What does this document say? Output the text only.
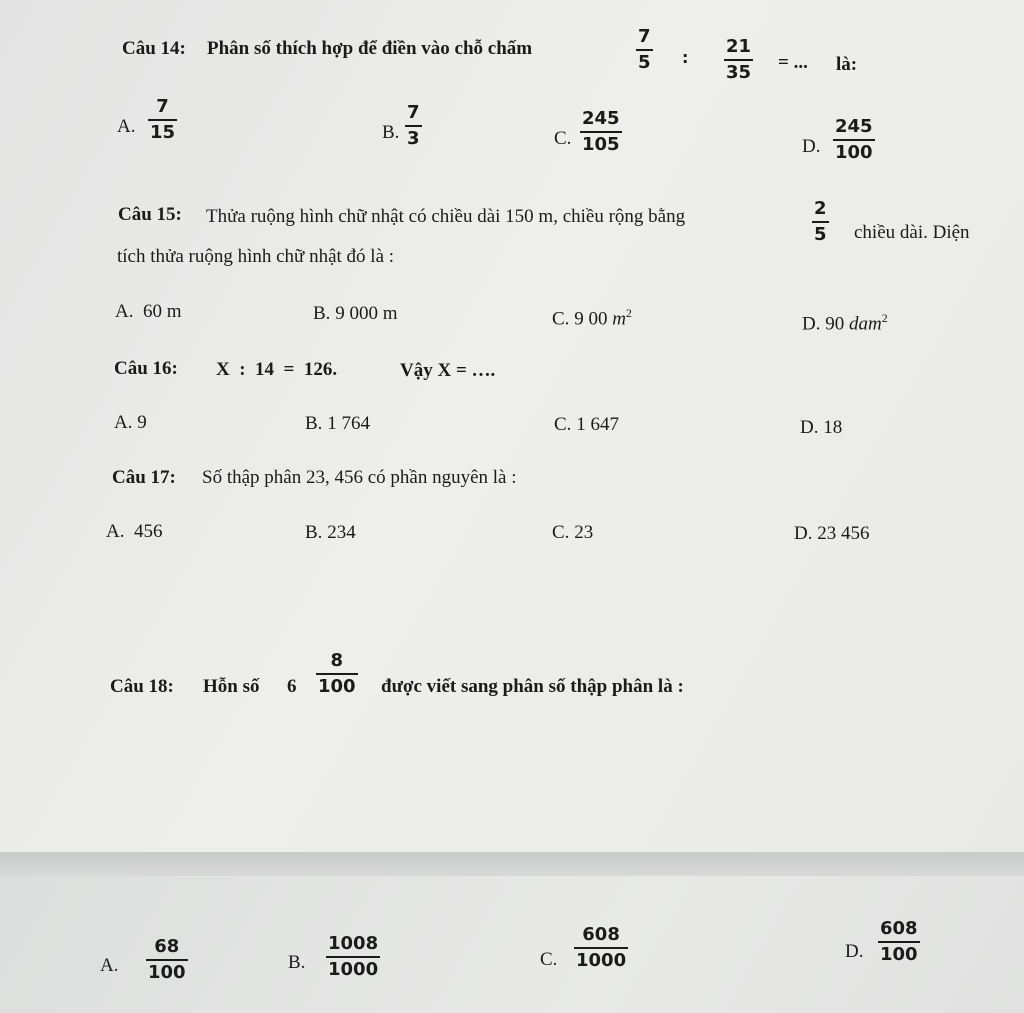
Câu 14: Phân số thích hợp để điền vào chỗ chấm	$\frac{7}{5}$ : $\frac{21}{35}$ = ... là:
A. $\frac{7}{15}$	B. $\frac{7}{3}$	C. $\frac{245}{105}$	D. $\frac{245}{100}$
Câu 15: Thửa ruộng hình chữ nhật có chiều dài 150 m, chiều rộng bằng	$\frac{2}{5}$ chiều dài. Diện
tích thửa ruộng hình chữ nhật đó là :
A. 60 m	B. 9 000 m	C. 9 00 $m^2$
D. 90 dam$^2$
Câu 16: X  :  14  =  126.	Vậy X = ….
A. 9	B. 1 764	C. 1 647	D. 18
Câu 17: Số thập phân 23, 456 có phần nguyên là :
A. 456	B. 234	C. 23	D. 23 456
Câu 18: Hỗn số $6 \frac{8}{100}$ được viết sang phân số thập phân là :
A. $\frac{68}{100}$	B. $\frac{1008}{1000}$	C. $\frac{608}{1000}$	D. $\frac{608}{100}$
